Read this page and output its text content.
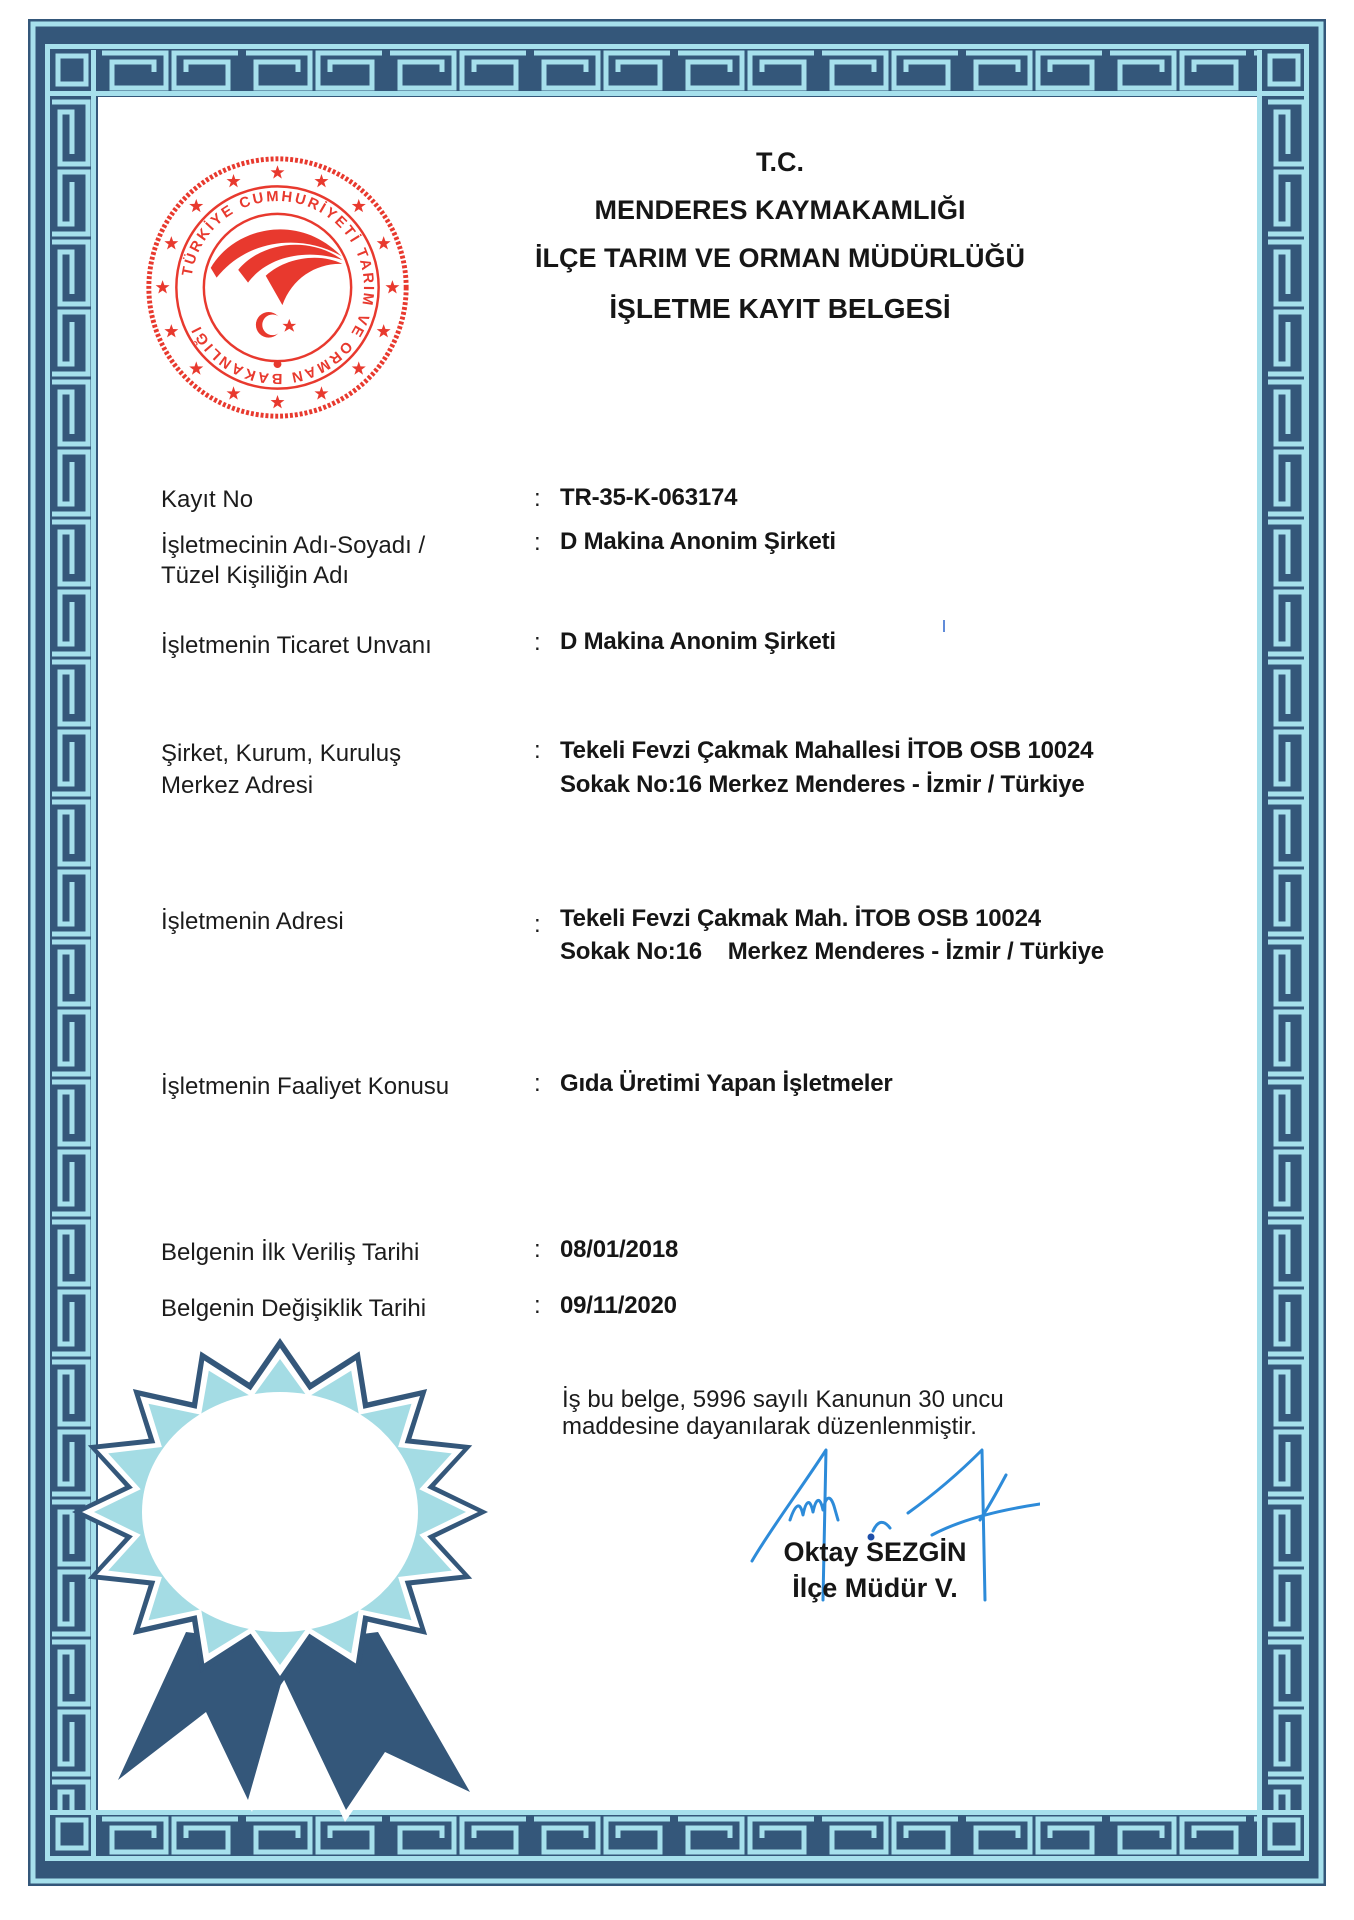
TÜRKİYE CUMHURİYETİ TARIM VE ORMAN BAKANLIĞI
T.C.
MENDERES KAYMAKAMLIĞI
İLÇE TARIM VE ORMAN MÜDÜRLÜĞÜ
İŞLETME KAYIT BELGESİ
Kayıt No	: TR-35-K-063174
İşletmecinin Adı-Soyadı /
Tüzel Kişiliğin Adı
: D Makina Anonim Şirketi
İşletmenin Ticaret Unvanı	: D Makina Anonim Şirketi
Şirket, Kurum, Kuruluş
Merkez Adresi
: Tekeli Fevzi Çakmak Mahallesi İTOB OSB 10024
Sokak No:16 Merkez Menderes - İzmir / Türkiye
İşletmenin Adresi	: Tekeli Fevzi Çakmak Mah. İTOB OSB 10024
Sokak No:16    Merkez Menderes - İzmir / Türkiye
İşletmenin Faaliyet Konusu	: Gıda Üretimi Yapan İşletmeler
Belgenin İlk Veriliş Tarihi	: 08/01/2018
Belgenin Değişiklik Tarihi	: 09/11/2020
İş bu belge, 5996 sayılı Kanunun 30 uncu
maddesine dayanılarak düzenlenmiştir.
Oktay SEZGİN
İlçe Müdür V.
